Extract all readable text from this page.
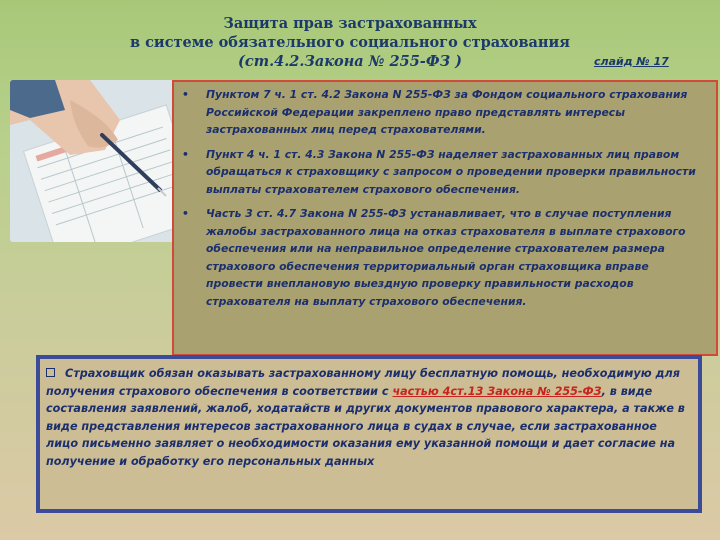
Защита прав застрахованных
в системе обязательного социального страхования
(ст.4.2.Закона № 255-ФЗ )	слайд № 17
• Пунктом 7 ч. 1 ст. 4.2 Закона N 255-ФЗ за Фондом социального страхования Российской Федерации закреплено право представлять интересы застрахованных лиц перед страхователями.
• Пункт 4 ч. 1 ст. 4.3 Закона N 255-ФЗ наделяет застрахованных лиц правом обращаться к страховщику с запросом о проведении проверки правильности выплаты страхователем страхового обеспечения.
• Часть 3 ст. 4.7 Закона N 255-ФЗ устанавливает, что в случае поступления жалобы застрахованного лица на отказ страхователя в выплате страхового обеспечения или на неправильное определение страхователем размера страхового обеспечения территориальный орган страховщика вправе провести внеплановую выездную проверку правильности расходов страхователя на выплату страхового обеспечения.
Страховщик обязан оказывать застрахованному лицу бесплатную помощь, необходимую для получения страхового обеспечения в соответствии с частью 4ст.13 Закона № 255-ФЗ, в виде составления заявлений, жалоб, ходатайств и других документов правового характера, а также в виде представления интересов застрахованного лица в судах в случае, если застрахованное лицо письменно заявляет о необходимости оказания ему указанной помощи и дает согласие на получение и обработку его персональных данных
